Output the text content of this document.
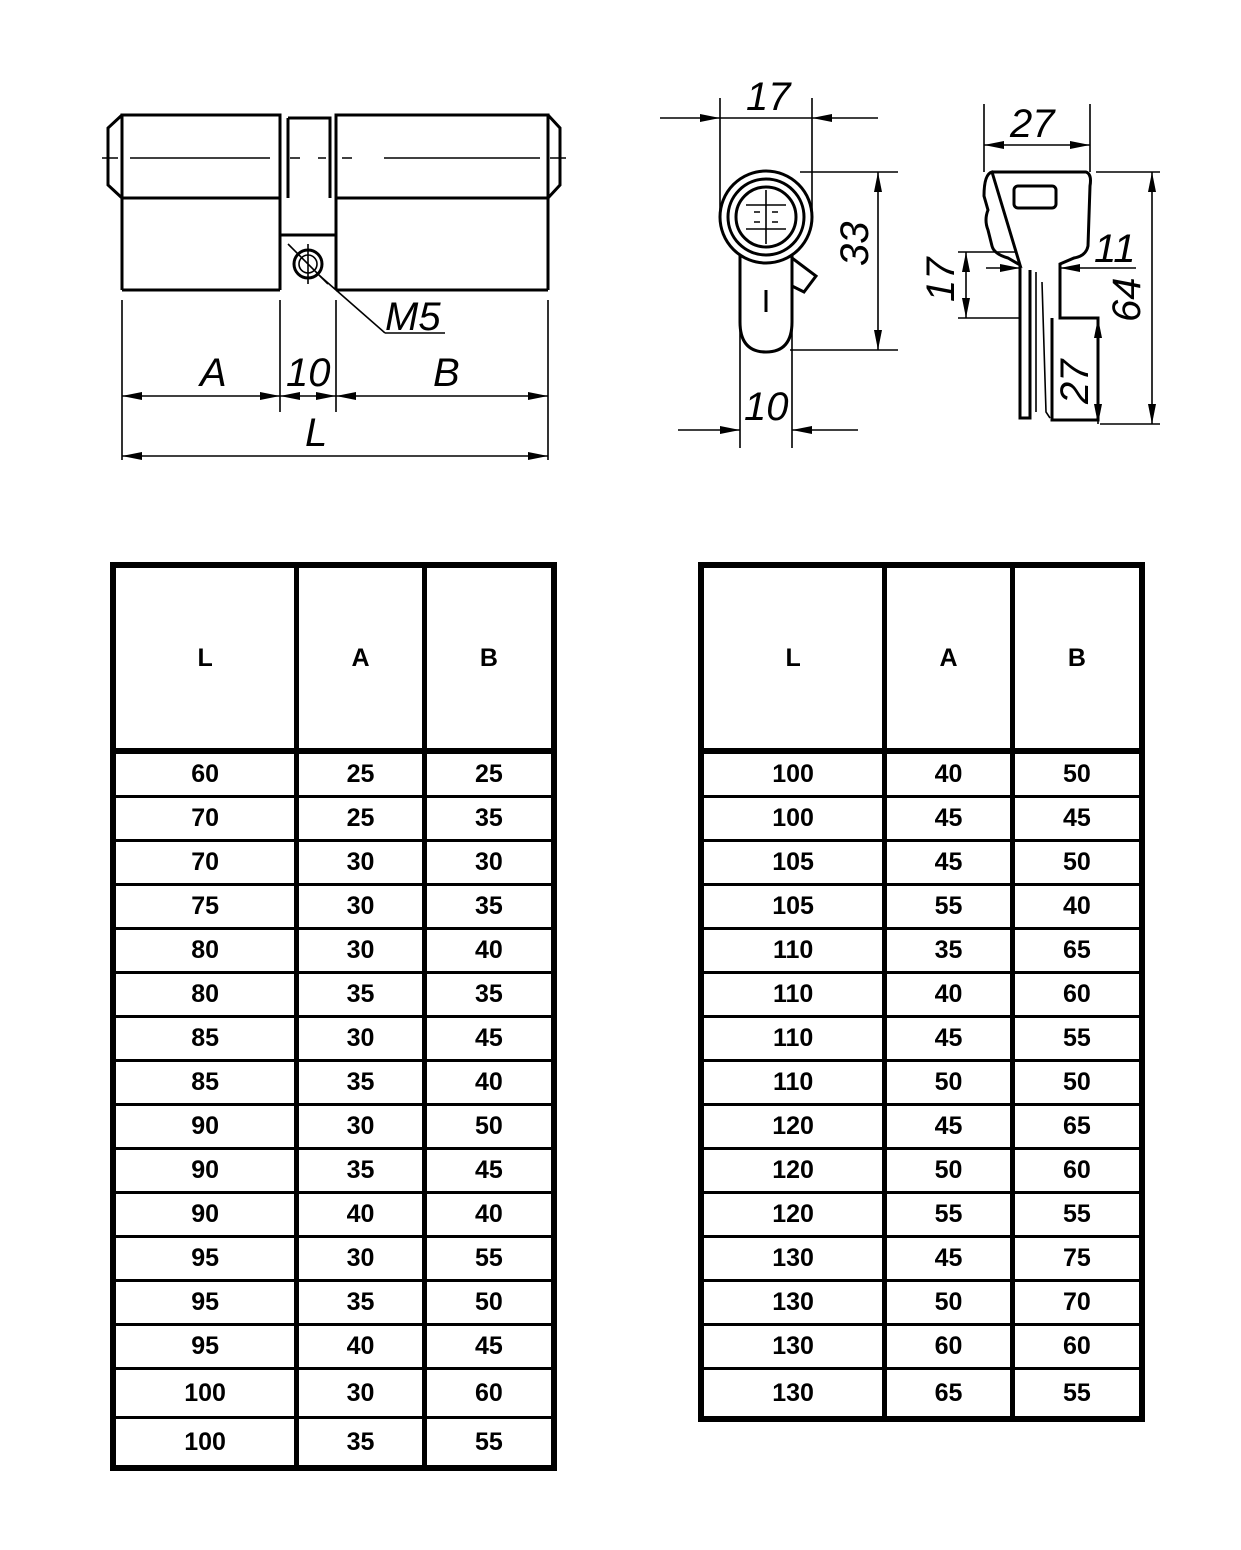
M5
A 10	B
L
17
33
10
27
64
11
17
27
L	A	B
60	25	25
70	25	35
70	30	30
75	30	35
80	30	40
80	35	35
85	30	45
85	35	40
90	30	50
90	35	45
90	40	40
95	30	55
95	35	50
95	40	45
100	30	60
100	35	55
L	A	B
100	40	50
100	45	45
105	45	50
105	55	40
110	35	65
110	40	60
110	45	55
110	50	50
120	45	65
120	50	60
120	55	55
130	45	75
130	50	70
130	60	60
130	65	55
